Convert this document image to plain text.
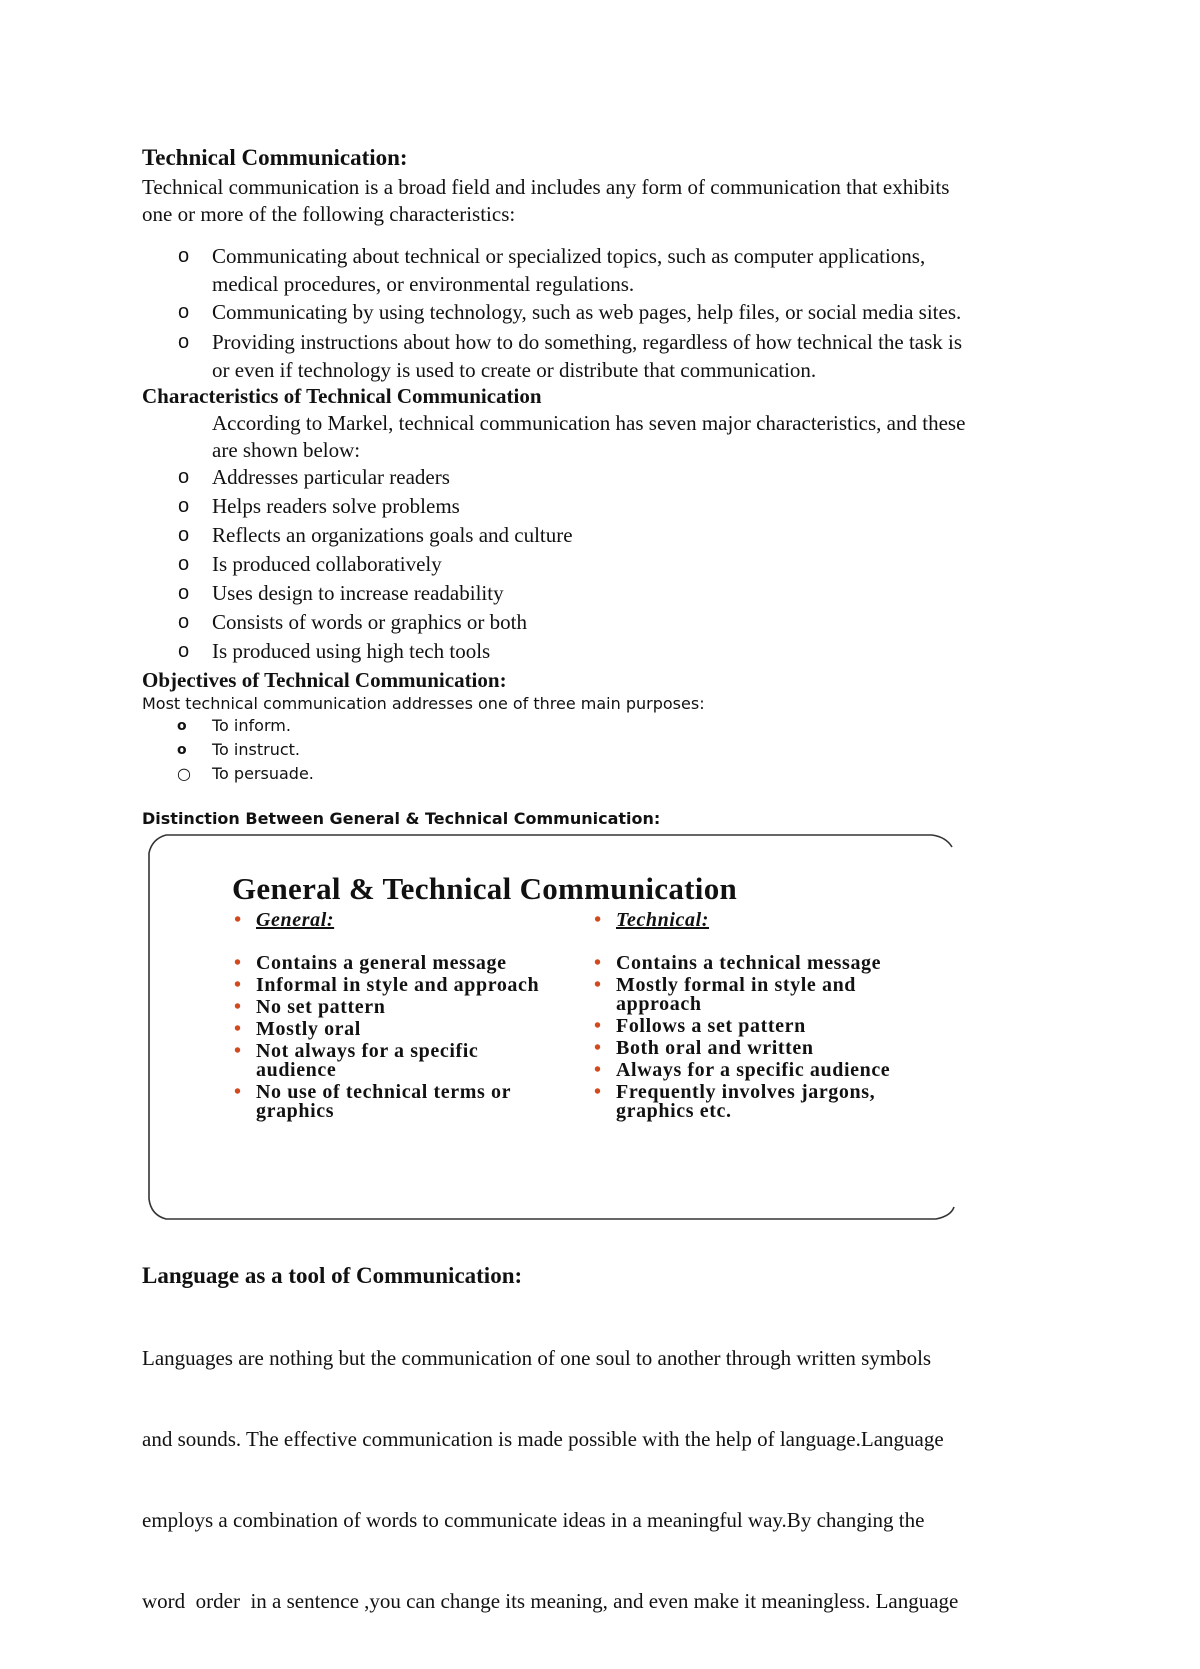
Technical Communication:
Technical communication is a broad field and includes any form of communication that exhibits
one or more of the following characteristics:
o Communicating about technical or specialized topics, such as computer applications,
medical procedures, or environmental regulations.
o Communicating by using technology, such as web pages, help files, or social media sites.
o Providing instructions about how to do something, regardless of how technical the task is
or even if technology is used to create or distribute that communication.
Characteristics of Technical Communication
According to Markel, technical communication has seven major characteristics, and these
are shown below:
o Addresses particular readers
o Helps readers solve problems
o Reflects an organizations goals and culture
o Is produced collaboratively
o Uses design to increase readability
o Consists of words or graphics or both
o Is produced using high tech tools
Objectives of Technical Communication:
Most technical communication addresses one of three main purposes:
o To inform.
o To instruct.
○ To persuade.
Distinction Between General & Technical Communication:
General & Technical Communication
• General:
• Contains a general message
• Informal in style and approach
• No set pattern
• Mostly oral
• Not always for a specific audience
• No use of technical terms or graphics
• Technical:
• Contains a technical message
• Mostly formal in style and approach
• Follows a set pattern
• Both oral and written
• Always for a specific audience
• Frequently involves jargons, graphics etc.
Language as a tool of Communication:

Languages are nothing but the communication of one soul to another through written symbols

and sounds. The effective communication is made possible with the help of language.Language

employs a combination of words to communicate ideas in a meaningful way.By changing the

word  order  in a sentence ,you can change its meaning, and even make it meaningless. Language
